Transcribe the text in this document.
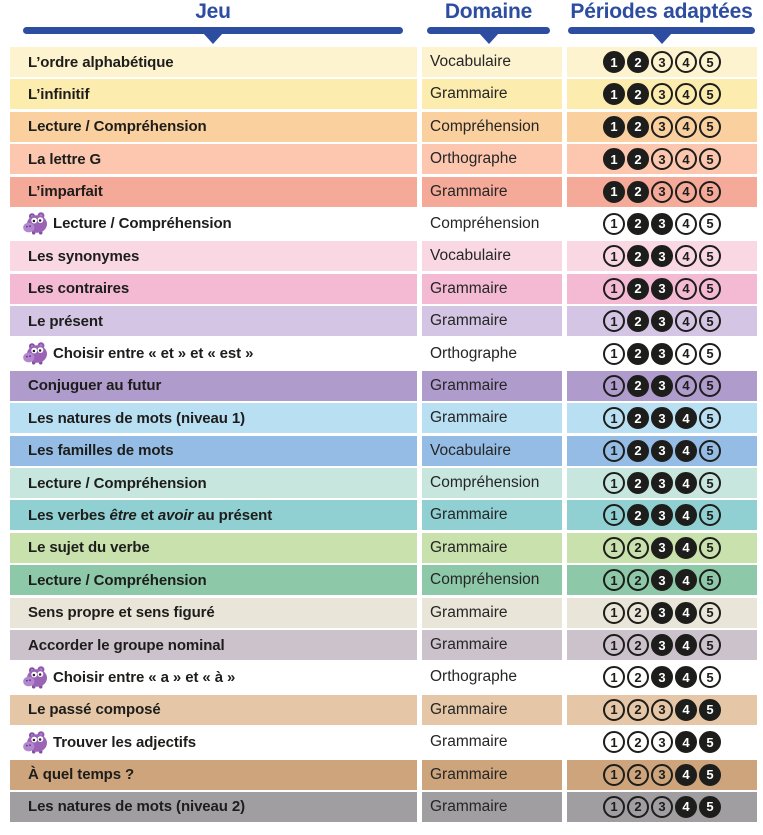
Jeu	Domaine	Périodes adaptées
L’ordre alphabétique	Vocabulaire	1	2	3	4	5
L’infinitif	Grammaire	1	2	3	4	5
Lecture / Compréhension	Compréhension	1	2	3	4	5
La lettre G	Orthographe	1	2	3	4	5
L’imparfait	Grammaire	1	2	3	4	5
Lecture / Compréhension	Compréhension	1	2	3	4	5
Les synonymes	Vocabulaire	1	2	3	4	5
Les contraires	Grammaire	1	2	3	4	5
Le présent	Grammaire	1	2	3	4	5
Choisir entre « et » et « est »	Orthographe	1	2	3	4	5
Conjuguer au futur	Grammaire	1	2	3	4	5
Les natures de mots (niveau 1)	Grammaire	1	2	3	4	5
Les familles de mots	Vocabulaire	1	2	3	4	5
Lecture / Compréhension	Compréhension	1	2	3	4	5
Les verbes être et avoir au présent	Grammaire	1	2	3	4	5
Le sujet du verbe	Grammaire	1	2	3	4	5
Lecture / Compréhension	Compréhension	1	2	3	4	5
Sens propre et sens figuré	Grammaire	1	2	3	4	5
Accorder le groupe nominal	Grammaire	1	2	3	4	5
Choisir entre « a » et « à »	Orthographe	1	2	3	4	5
Le passé composé	Grammaire	1	2	3	4	5
Trouver les adjectifs	Grammaire	1	2	3	4	5
À quel temps ?	Grammaire	1	2	3	4	5
Les natures de mots (niveau 2)	Grammaire	1	2	3	4	5
